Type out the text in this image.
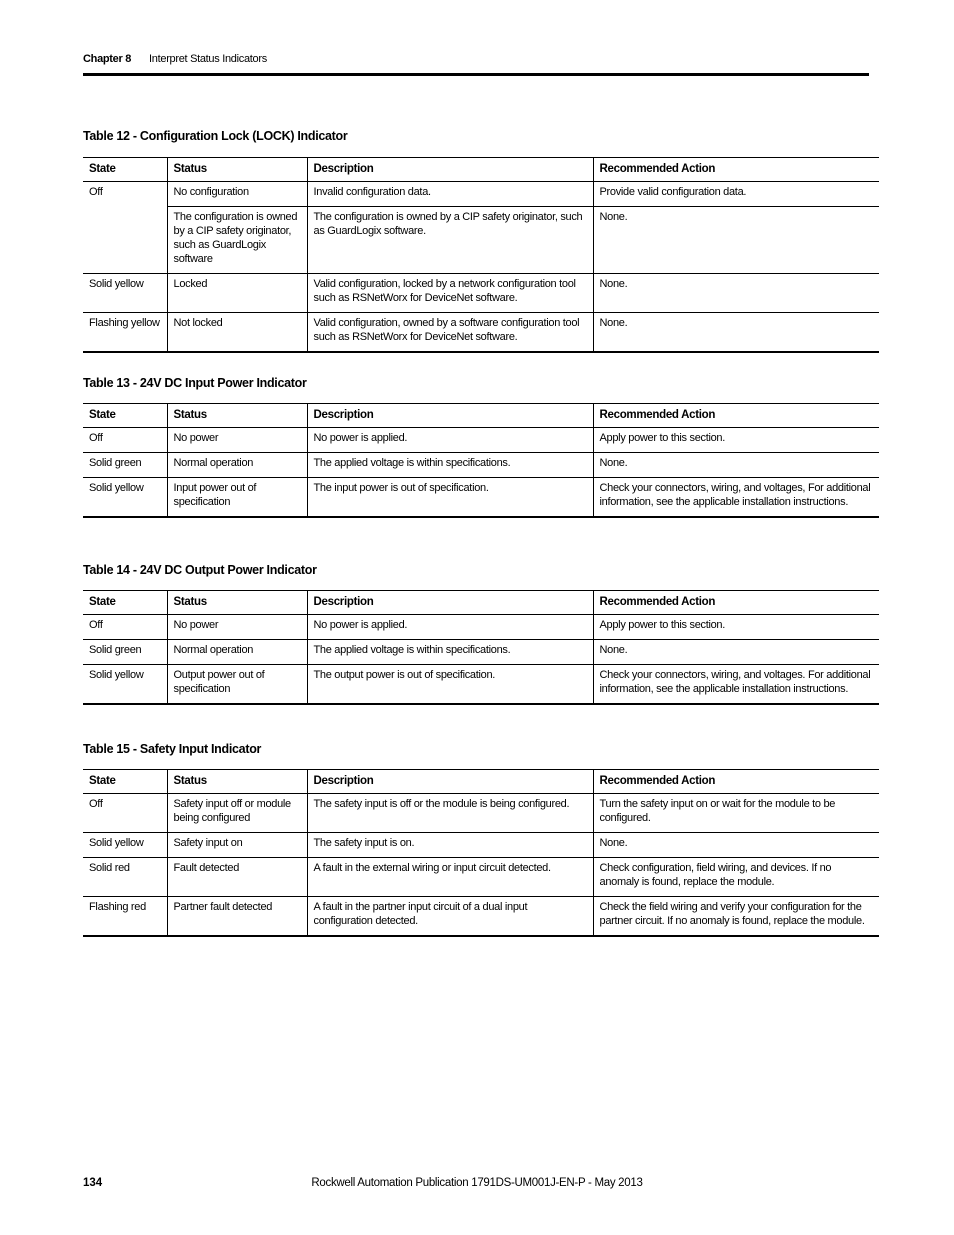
Chapter 8 Interpret Status Indicators
Table 12 - Configuration Lock (LOCK) Indicator
State	Status	Description	Recommended Action
Off	No configuration	Invalid configuration data.	Provide valid configuration data.
	The configuration is owned by a CIP safety originator, such as GuardLogix software	The configuration is owned by a CIP safety originator, such as GuardLogix software.	None.
Solid yellow	Locked	Valid configuration, locked by a network configuration tool such as RSNetWorx for DeviceNet software.	None.
Flashing yellow	Not locked	Valid configuration, owned by a software configuration tool such as RSNetWorx for DeviceNet software.	None.
Table 13 - 24V DC Input Power Indicator
State	Status	Description	Recommended Action
Off	No power	No power is applied.	Apply power to this section.
Solid green	Normal operation	The applied voltage is within specifications.	None.
Solid yellow	Input power out of specification	The input power is out of specification.	Check your connectors, wiring, and voltages, For additional information, see the applicable installation instructions.
Table 14 - 24V DC Output Power Indicator
State	Status	Description	Recommended Action
Off	No power	No power is applied.	Apply power to this section.
Solid green	Normal operation	The applied voltage is within specifications.	None.
Solid yellow	Output power out of specification	The output power is out of specification.	Check your connectors, wiring, and voltages. For additional information, see the applicable installation instructions.
Table 15 - Safety Input Indicator
State	Status	Description	Recommended Action
Off	Safety input off or module being configured	The safety input is off or the module is being configured.	Turn the safety input on or wait for the module to be configured.
Solid yellow	Safety input on	The safety input is on.	None.
Solid red	Fault detected	A fault in the external wiring or input circuit detected.	Check configuration, field wiring, and devices. If no anomaly is found, replace the module.
Flashing red	Partner fault detected	A fault in the partner input circuit of a dual input configuration detected.	Check the field wiring and verify your configuration for the partner circuit. If no anomaly is found, replace the module.
Rockwell Automation Publication 1791DS-UM001J-EN-P - May 2013
134
